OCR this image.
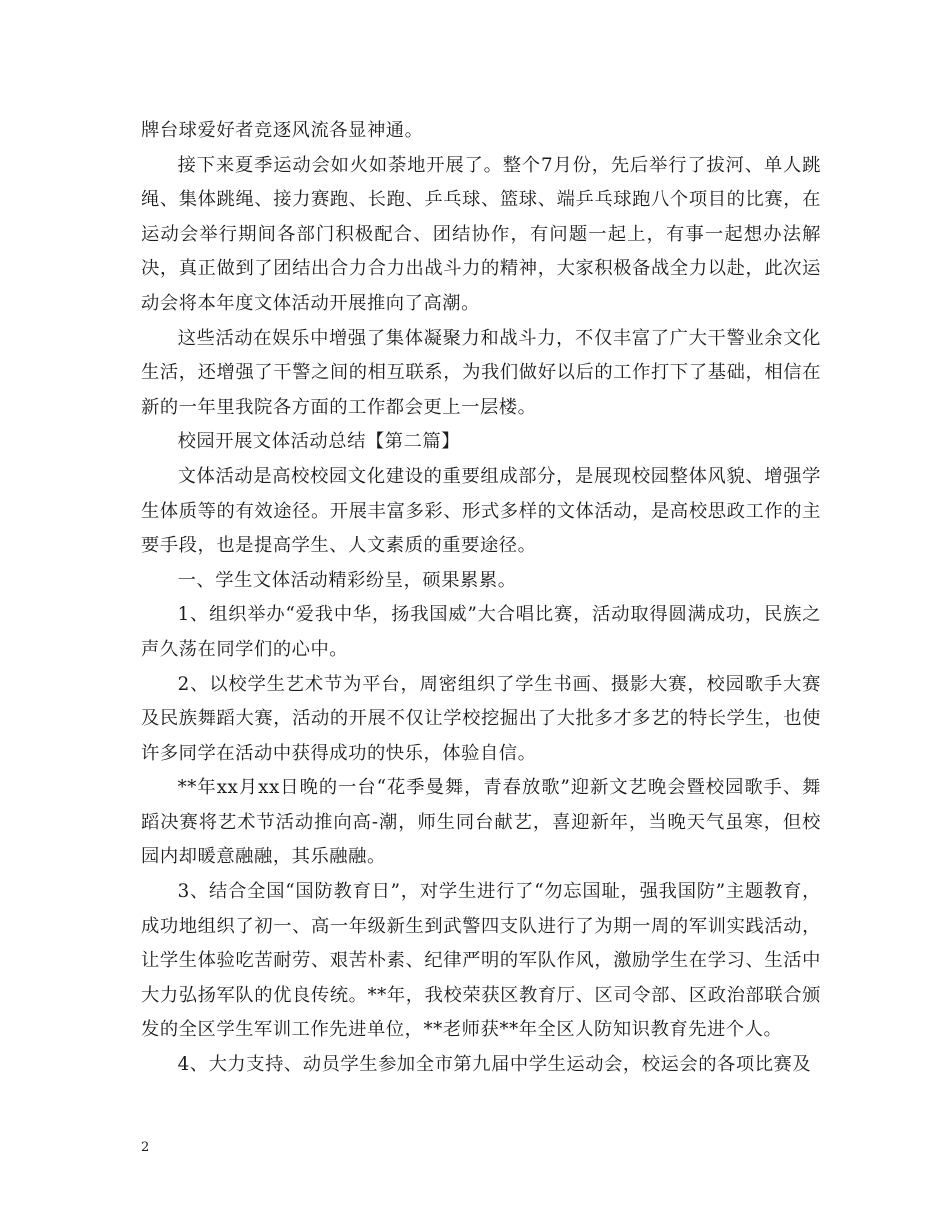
牌台球爱好者竞逐风流各显神通。

接下来夏季运动会如火如荼地开展了。整个7月份，先后举行了拔河、单人跳绳、集体跳绳、接力赛跑、长跑、乒乓球、篮球、端乒乓球跑八个项目的比赛，在运动会举行期间各部门积极配合、团结协作，有问题一起上，有事一起想办法解决，真正做到了团结出合力合力出战斗力的精神，大家积极备战全力以赴，此次运动会将本年度文体活动开展推向了高潮。

这些活动在娱乐中增强了集体凝聚力和战斗力，不仅丰富了广大干警业余文化生活，还增强了干警之间的相互联系，为我们做好以后的工作打下了基础，相信在新的一年里我院各方面的工作都会更上一层楼。

校园开展文体活动总结【第二篇】

文体活动是高校校园文化建设的重要组成部分，是展现校园整体风貌、增强学生体质等的有效途径。开展丰富多彩、形式多样的文体活动，是高校思政工作的主要手段，也是提高学生、人文素质的重要途径。

一、学生文体活动精彩纷呈，硕果累累。

1、组织举办“爱我中华，扬我国威”大合唱比赛，活动取得圆满成功，民族之声久荡在同学们的心中。

2、以校学生艺术节为平台，周密组织了学生书画、摄影大赛，校园歌手大赛及民族舞蹈大赛，活动的开展不仅让学校挖掘出了大批多才多艺的特长学生，也使许多同学在活动中获得成功的快乐，体验自信。

**年xx月xx日晚的一台“花季曼舞，青春放歌”迎新文艺晚会暨校园歌手、舞蹈决赛将艺术节活动推向高-潮，师生同台献艺，喜迎新年，当晚天气虽寒，但校园内却暖意融融，其乐融融。

3、结合全国“国防教育日”，对学生进行了“勿忘国耻，强我国防”主题教育，成功地组织了初一、高一年级新生到武警四支队进行了为期一周的军训实践活动，让学生体验吃苦耐劳、艰苦朴素、纪律严明的军队作风，激励学生在学习、生活中大力弘扬军队的优良传统。**年，我校荣获区教育厅、区司令部、区政治部联合颁发的全区学生军训工作先进单位，**老师获**年全区人防知识教育先进个人。

4、大力支持、动员学生参加全市第九届中学生运动会，校运会的各项比赛及

2
